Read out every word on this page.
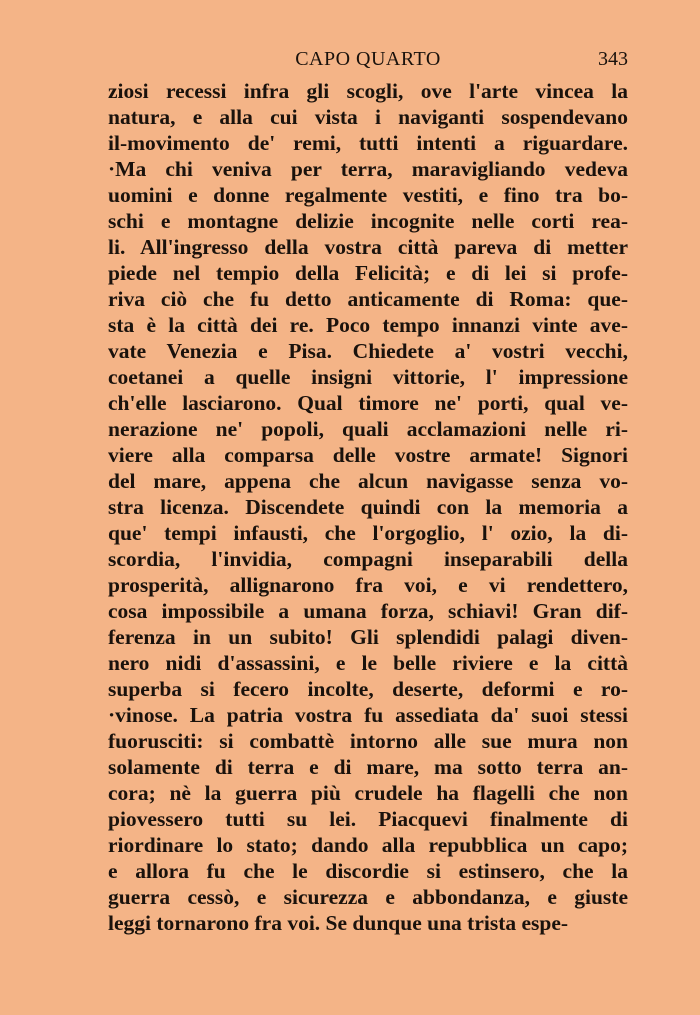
CAPO QUARTO	343
ziosi recessi infra gli scogli, ove l'arte vincea la
natura, e alla cui vista i naviganti sospendevano
il-movimento de' remi, tutti intenti a riguardare.
·Ma chi veniva per terra, maravigliando vedeva
uomini e donne regalmente vestiti, e fino tra bo-
schi e montagne delizie incognite nelle corti rea-
li. All'ingresso della vostra città pareva di metter
piede nel tempio della Felicità; e di lei si profe-
riva ciò che fu detto anticamente di Roma: que-
sta è la città dei re. Poco tempo innanzi vinte ave-
vate Venezia e Pisa. Chiedete a' vostri vecchi,
coetanei a quelle insigni vittorie, l' impressione
ch'elle lasciarono. Qual timore ne' porti, qual ve-
nerazione ne' popoli, quali acclamazioni nelle ri-
viere alla comparsa delle vostre armate! Signori
del mare, appena che alcun navigasse senza vo-
stra licenza. Discendete quindi con la memoria a
que' tempi infausti, che l'orgoglio, l' ozio, la di-
scordia, l'invidia, compagni inseparabili della
prosperità, allignarono fra voi, e vi rendettero,
cosa impossibile a umana forza, schiavi! Gran dif-
ferenza in un subito! Gli splendidi palagi diven-
nero nidi d'assassini, e le belle riviere e la città
superba si fecero incolte, deserte, deformi e ro-
·vinose. La patria vostra fu assediata da' suoi stessi
fuorusciti: si combattè intorno alle sue mura non
solamente di terra e di mare, ma sotto terra an-
cora; nè la guerra più crudele ha flagelli che non
piovessero tutti su lei. Piacquevi finalmente di
riordinare lo stato; dando alla repubblica un capo;
e allora fu che le discordie si estinsero, che la
guerra cessò, e sicurezza e abbondanza, e giuste
leggi tornarono fra voi. Se dunque una trista espe-
